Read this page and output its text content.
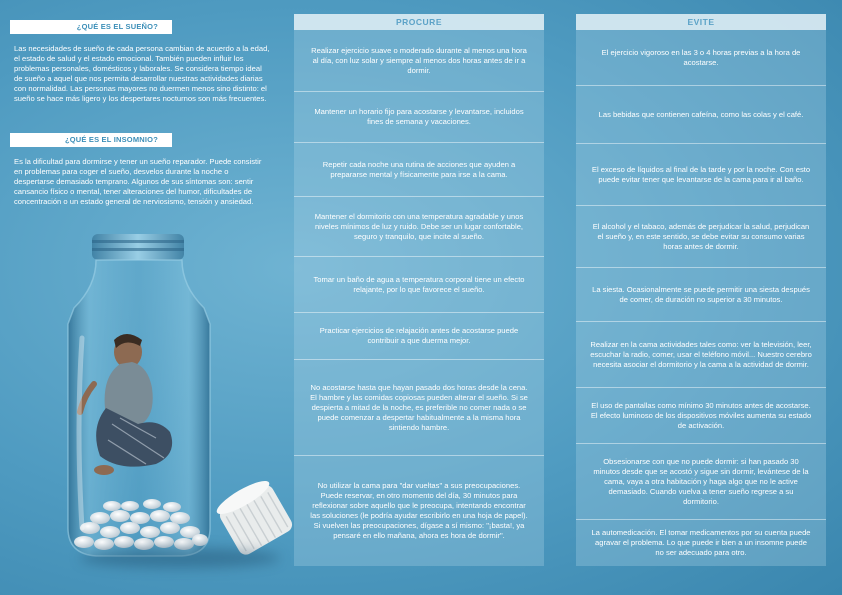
¿QUÉ ES EL SUEÑO?

Las necesidades de sueño de cada persona cambian de acuerdo a la edad, el estado de salud y el estado emocional. También pueden influir los problemas personales, domésticos y laborales. Se considera tiempo ideal de sueño a aquel que nos permita desarrollar nuestras actividades diarias con normalidad. Las personas mayores no duermen menos sino distinto: el sueño se hace más ligero y los despertares nocturnos son más frecuentes.

¿QUÉ ES EL INSOMNIO?

Es la dificultad para dormirse y tener un sueño reparador. Puede consistir en problemas para coger el sueño, desvelos durante la noche o despertarse demasiado temprano. Algunos de sus síntomas son: sentir cansancio físico o mental, tener alteraciones del humor, dificultades de concentración o un estado general de nerviosismo, tensión y ansiedad.

PROCURE
Realizar ejercicio suave o moderado durante al menos una hora al día, con luz solar y siempre al menos dos horas antes de ir a dormir.
Mantener un horario fijo para acostarse y levantarse, incluidos fines de semana y vacaciones.
Repetir cada noche una rutina de acciones que ayuden a prepararse mental y físicamente para irse a la cama.
Mantener el dormitorio con una temperatura agradable y unos niveles mínimos de luz y ruido. Debe ser un lugar confortable, seguro y tranquilo, que incite al sueño.
Tomar un baño de agua a temperatura corporal tiene un efecto relajante, por lo que favorece el sueño.
Practicar ejercicios de relajación antes de acostarse puede contribuir a que duerma mejor.
No acostarse hasta que hayan pasado dos horas desde la cena. El hambre y las comidas copiosas pueden alterar el sueño. Si se despierta a mitad de la noche, es preferible no comer nada o se puede comenzar a despertar habitualmente a la misma hora sintiendo hambre.
No utilizar la cama para "dar vueltas" a sus preocupaciones. Puede reservar, en otro momento del día, 30 minutos para reflexionar sobre aquello que le preocupa, intentando encontrar las soluciones (le podría ayudar escribirlo en una hoja de papel). Si vuelven las preocupaciones, dígase a sí mismo: "¡basta!, ya pensaré en ello mañana, ahora es hora de dormir".
EVITE
El ejercicio vigoroso en las 3 o 4 horas previas a la hora de acostarse.
Las bebidas que contienen cafeína, como las colas y el café.
El exceso de líquidos al final de la tarde y por la noche. Con esto puede evitar tener que levantarse de la cama para ir al baño.
El alcohol y el tabaco, además de perjudicar la salud, perjudican el sueño y, en este sentido, se debe evitar su consumo varias horas antes de dormir.
La siesta. Ocasionalmente se puede permitir una siesta después de comer, de duración no superior a 30 minutos.
Realizar en la cama actividades tales como: ver la televisión, leer, escuchar la radio, comer, usar el teléfono móvil... Nuestro cerebro necesita asociar el dormitorio y la cama a la actividad de dormir.
El uso de pantallas como mínimo 30 minutos antes de acostarse. El efecto luminoso de los dispositivos móviles aumenta su estado de activación.
Obsesionarse con que no puede dormir: si han pasado 30 minutos desde que se acostó y sigue sin dormir, levántese de la cama, vaya a otra habitación y haga algo que no le active demasiado. Cuando vuelva a tener sueño regrese a su dormitorio.
La automedicación. El tomar medicamentos por su cuenta puede agravar el problema. Lo que puede ir bien a un insomne puede no ser adecuado para otro.
